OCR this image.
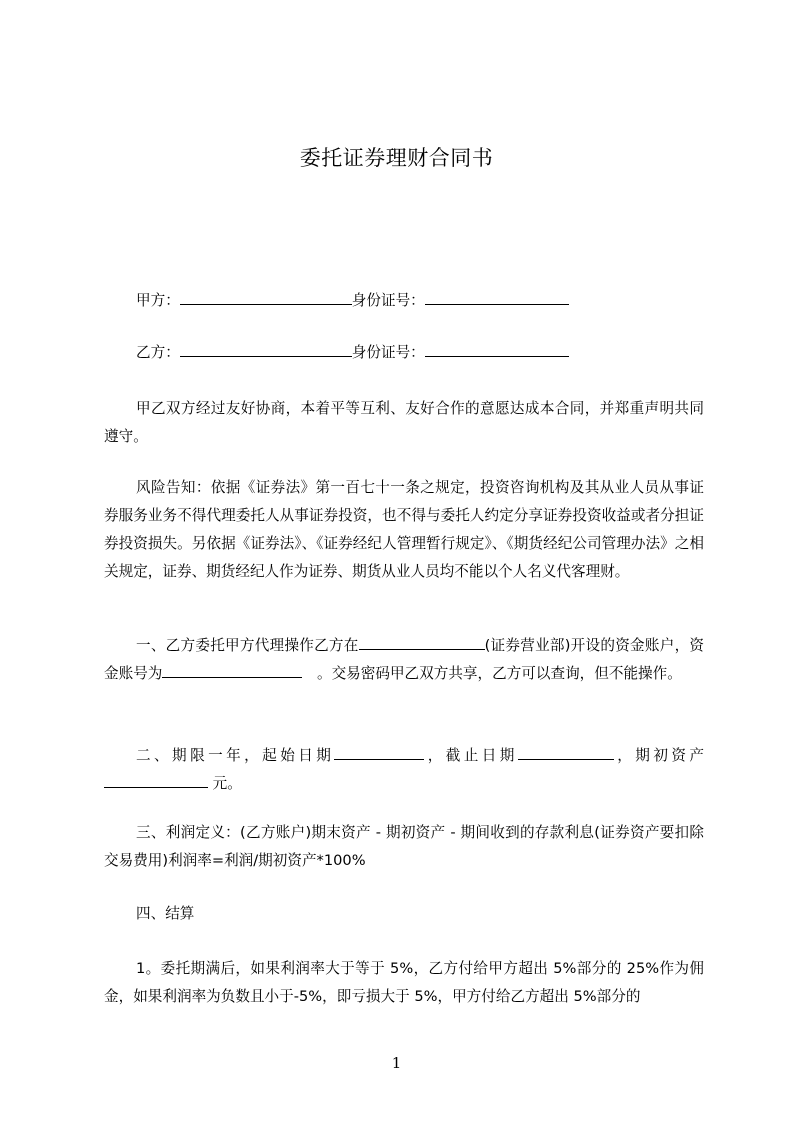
委托证券理财合同书
甲方：	身份证号：
乙方：	身份证号：
甲乙双方经过友好协商，本着平等互利、友好合作的意愿达成本合同，并郑重声明共同遵守。
风险告知：依据《证券法》第一百七十一条之规定，投资咨询机构及其从业人员从事证券服务业务不得代理委托人从事证券投资，也不得与委托人约定分享证券投资收益或者分担证券投资损失。另依据《证券法》、《证券经纪人管理暂行规定》、《期货经纪公司管理办法》之相关规定，证券、期货经纪人作为证券、期货从业人员均不能以个人名义代客理财。
一、乙方委托甲方代理操作乙方在	(证券营业部)开设的资金账户，资金账号为	　。交易密码甲乙双方共享，乙方可以查询，但不能操作。
二、期限一年，起始日期	，截止日期	，期初资产 元。
三、利润定义：(乙方账户)期末资产 - 期初资产 - 期间收到的存款利息(证券资产要扣除交易费用)利润率=利润/期初资产*100%
四、结算
1。委托期满后，如果利润率大于等于 5%，乙方付给甲方超出 5%部分的 25%作为佣金，如果利润率为负数且小于-5%，即亏损大于 5%，甲方付给乙方超出 5%部分的
1
